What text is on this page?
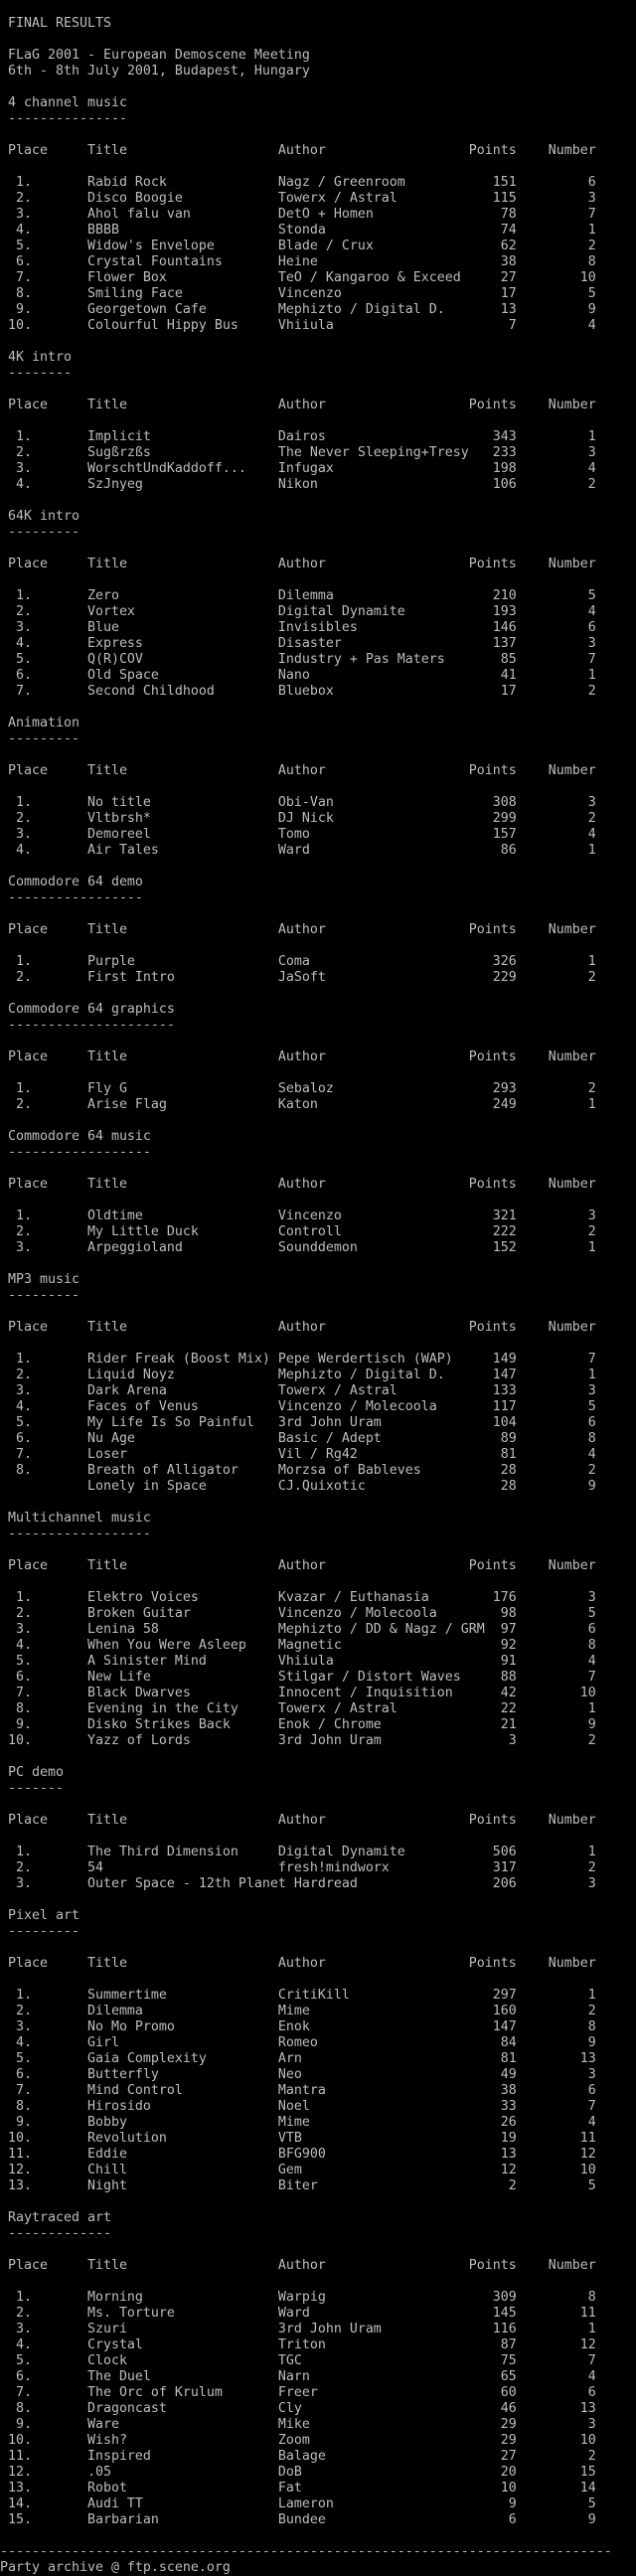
FINAL RESULTS
FLaG 2001 - European Demoscene Meeting
6th - 8th July 2001, Budapest, Hungary
4 channel music
---------------
Place     Title                   Author                  Points    Number
1.       Rabid Rock              Nagz / Greenroom           151         6
2.       Disco Boogie            Towerx / Astral            115         3
3.       Ahol falu van           DetO + Homen                78         7
4.       BBBB                    Stonda                      74         1
5.       Widow's Envelope        Blade / Crux                62         2
6.       Crystal Fountains       Heine                       38         8
7.       Flower Box              TeO / Kangaroo & Exceed     27        10
8.       Smiling Face            Vincenzo                    17         5
9.       Georgetown Cafe         Mephizto / Digital D.       13         9
10.       Colourful Hippy Bus     Vhiiula                      7         4
4K intro
--------
Place     Title                   Author                  Points    Number
1.       Implicit                Dairos                     343         1
2.       Sugßrzßs                The Never Sleeping+Tresy   233         3
3.       WorschtUndKaddoff...    Infugax                    198         4
4.       SzJnyeg                 Nikon                      106         2
64K intro
---------
Place     Title                   Author                  Points    Number
1.       Zero                    Dilemma                    210         5
2.       Vortex                  Digital Dynamite           193         4
3.       Blue                    Invisibles                 146         6
4.       Express                 Disaster                   137         3
5.       Q(R)COV                 Industry + Pas Maters       85         7
6.       Old Space               Nano                        41         1
7.       Second Childhood        Bluebox                     17         2
Animation
---------
Place     Title                   Author                  Points    Number
1.       No title                Obi-Van                    308         3
2.       Vltbrsh*                DJ Nick                    299         2
3.       Demoreel                Tomo                       157         4
4.       Air Tales               Ward                        86         1
Commodore 64 demo
-----------------
Place     Title                   Author                  Points    Number
1.       Purple                  Coma                       326         1
2.       First Intro             JaSoft                     229         2
Commodore 64 graphics
---------------------
Place     Title                   Author                  Points    Number
1.       Fly G                   Sebaloz                    293         2
2.       Arise Flag              Katon                      249         1
Commodore 64 music
------------------
Place     Title                   Author                  Points    Number
1.       Oldtime                 Vincenzo                   321         3
2.       My Little Duck          Controll                   222         2
3.       Arpeggioland            Sounddemon                 152         1
MP3 music
---------
Place     Title                   Author                  Points    Number
1.       Rider Freak (Boost Mix) Pepe Werdertisch (WAP)     149         7
2.       Liquid Noyz             Mephizto / Digital D.      147         1
3.       Dark Arena              Towerx / Astral            133         3
4.       Faces of Venus          Vincenzo / Molecoola       117         5
5.       My Life Is So Painful   3rd John Uram              104         6
6.       Nu Age                  Basic / Adept               89         8
7.       Loser                   Vil / Rg42                  81         4
8.       Breath of Alligator     Morzsa of Bableves          28         2
Lonely in Space         CJ.Quixotic                 28         9
Multichannel music
------------------
Place     Title                   Author                  Points    Number
1.       Elektro Voices          Kvazar / Euthanasia        176         3
2.       Broken Guitar           Vincenzo / Molecoola        98         5
3.       Lenina 58               Mephizto / DD & Nagz / GRM  97         6
4.       When You Were Asleep    Magnetic                    92         8
5.       A Sinister Mind         Vhiiula                     91         4
6.       New Life                Stilgar / Distort Waves     88         7
7.       Black Dwarves           Innocent / Inquisition      42        10
8.       Evening in the City     Towerx / Astral             22         1
9.       Disko Strikes Back      Enok / Chrome               21         9
10.       Yazz of Lords           3rd John Uram                3         2
PC demo
-------
Place     Title                   Author                  Points    Number
1.       The Third Dimension     Digital Dynamite           506         1
2.       54                      fresh!mindworx             317         2
3.       Outer Space - 12th Planet Hardread                 206         3
Pixel art
---------
Place     Title                   Author                  Points    Number
1.       Summertime              CritiKill                  297         1
2.       Dilemma                 Mime                       160         2
3.       No Mo Promo             Enok                       147         8
4.       Girl                    Romeo                       84         9
5.       Gaia Complexity         Arn                         81        13
6.       Butterfly               Neo                         49         3
7.       Mind Control            Mantra                      38         6
8.       Hirosido                Noel                        33         7
9.       Bobby                   Mime                        26         4
10.       Revolution              VTB                         19        11
11.       Eddie                   BFG900                      13        12
12.       Chill                   Gem                         12        10
13.       Night                   Biter                        2         5
Raytraced art
-------------
Place     Title                   Author                  Points    Number
1.       Morning                 Warpig                     309         8
2.       Ms. Torture             Ward                       145        11
3.       Szuri                   3rd John Uram              116         1
4.       Crystal                 Triton                      87        12
5.       Clock                   TGC                         75         7
6.       The Duel                Narn                        65         4
7.       The Orc of Krulum       Freer                       60         6
8.       Dragoncast              Cly                         46        13
9.       Ware                    Mike                        29         3
10.       Wish?                   Zoom                        29        10
11.       Inspired                Balage                      27         2
12.       .05                     DoB                         20        15
13.       Robot                   Fat                         10        14
14.       Audi TT                 Lameron                      9         5
15.       Barbarian               Bundee                       6         9
-----------------------------------------------------------------------------
Party archive @ ftp.scene.org
